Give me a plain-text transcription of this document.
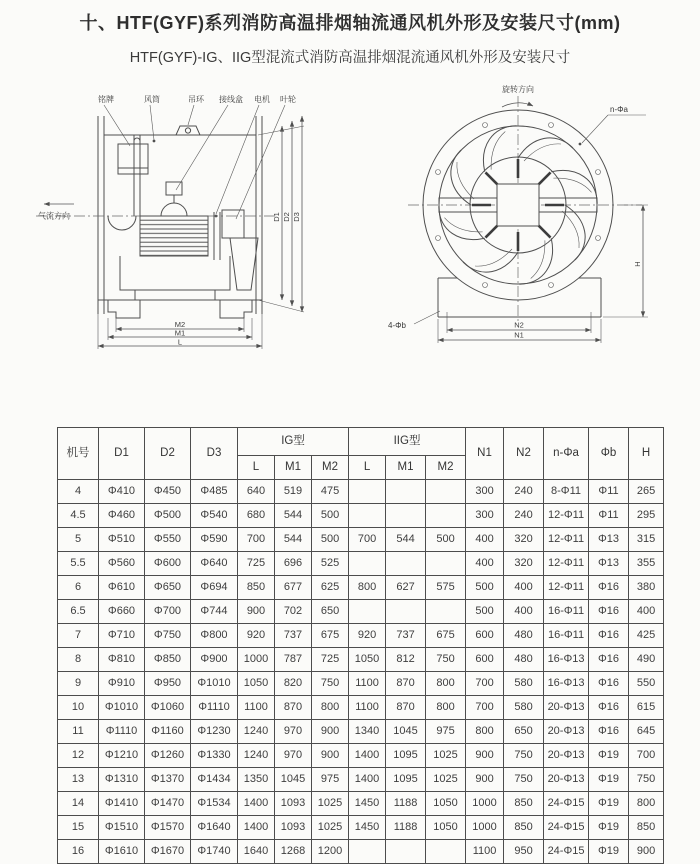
十、HTF(GYF)系列消防高温排烟轴流通风机外形及安装尺寸(mm)
HTF(GYF)-IG、IIG型混流式消防高温排烟混流通风机外形及安装尺寸
铭牌	风筒	吊环 接线盒 电机 叶轮
气流方向	D1 D2 D3
M2
M1
L
旋转方向
n-Φa
4-Φb	N2
N1
H
机号	D1	D2	D3	IG型			IIG型			N1	N2	n-Φa	Φb	H
				L	M1	M2	L	M1	M2					
4	Φ410	Φ450	Φ485	640	519	475				300	240	8-Φ11	Φ11	265
4.5	Φ460	Φ500	Φ540	680	544	500				300	240	12-Φ11	Φ11	295
5	Φ510	Φ550	Φ590	700	544	500	700	544	500	400	320	12-Φ11	Φ13	315
5.5	Φ560	Φ600	Φ640	725	696	525				400	320	12-Φ11	Φ13	355
6	Φ610	Φ650	Φ694	850	677	625	800	627	575	500	400	12-Φ11	Φ16	380
6.5	Φ660	Φ700	Φ744	900	702	650				500	400	16-Φ11	Φ16	400
7	Φ710	Φ750	Φ800	920	737	675	920	737	675	600	480	16-Φ11	Φ16	425
8	Φ810	Φ850	Φ900	1000	787	725	1050	812	750	600	480	16-Φ13	Φ16	490
9	Φ910	Φ950	Φ1010	1050	820	750	1100	870	800	700	580	16-Φ13	Φ16	550
10	Φ1010	Φ1060	Φ1110	1100	870	800	1100	870	800	700	580	20-Φ13	Φ16	615
11	Φ1110	Φ1160	Φ1230	1240	970	900	1340	1045	975	800	650	20-Φ13	Φ16	645
12	Φ1210	Φ1260	Φ1330	1240	970	900	1400	1095	1025	900	750	20-Φ13	Φ19	700
13	Φ1310	Φ1370	Φ1434	1350	1045	975	1400	1095	1025	900	750	20-Φ13	Φ19	750
14	Φ1410	Φ1470	Φ1534	1400	1093	1025	1450	1188	1050	1000	850	24-Φ15	Φ19	800
15	Φ1510	Φ1570	Φ1640	1400	1093	1025	1450	1188	1050	1000	850	24-Φ15	Φ19	850
16	Φ1610	Φ1670	Φ1740	1640	1268	1200				1100	950	24-Φ15	Φ19	900
